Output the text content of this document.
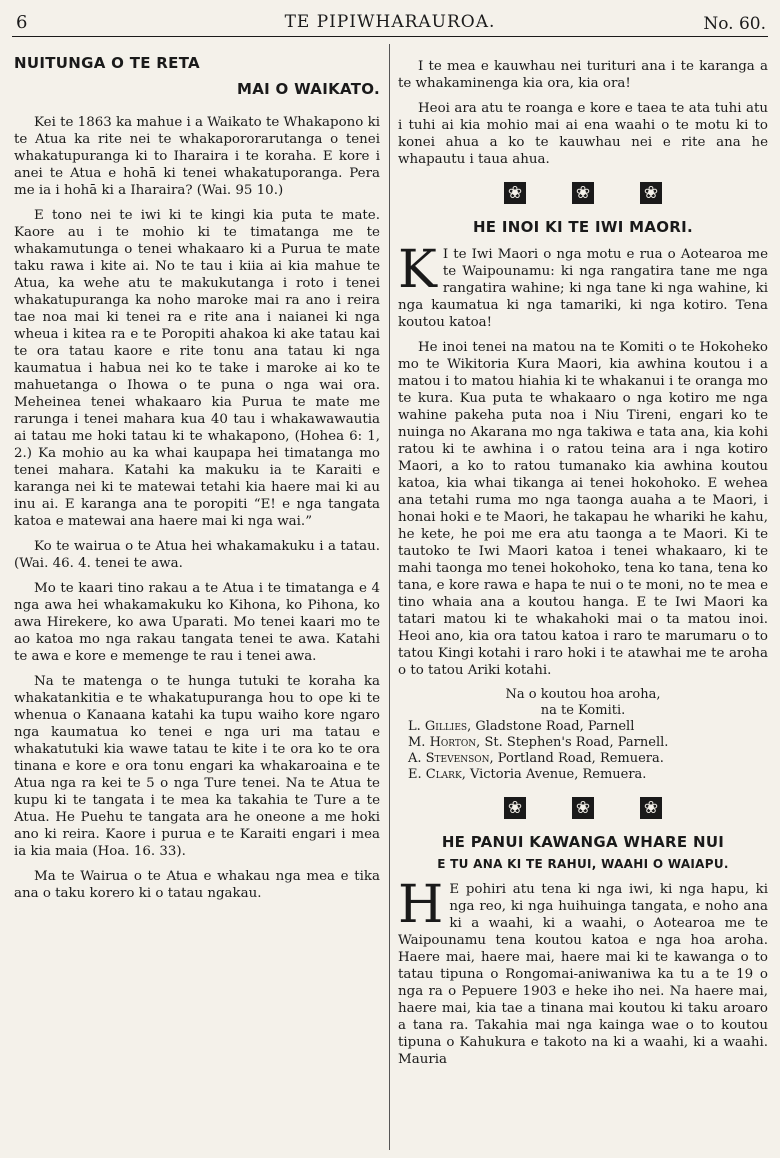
6	TE PIPIWHARAUROA.	No. 60.
NUITUNGA O TE RETA
MAI O WAIKATO.

Kei te 1863 ka mahue i a Waikato te Whakapono ki te Atua ka rite nei te whakapororarutanga o tenei whakatupuranga ki to Iharaira i te koraha. E kore i anei te Atua e hohā ki tenei whakatuporanga. Pera me ia i hohā ki a Iharaira? (Wai. 95 10.)

E tono nei te iwi ki te kingi kia puta te mate. Kaore au i te mohio ki te timatanga me te whakamutunga o tenei whakaaro ki a Purua te mate taku rawa i kite ai. No te tau i kiia ai kia mahue te Atua, ka wehe atu te makukutanga i roto i tenei whakatupuranga ka noho maroke mai ra ano i reira tae noa mai ki tenei ra e rite ana i naianei ki nga wheua i kitea ra e te Poropiti ahakoa ki ake tatau kai te ora tatau kaore e rite tonu ana tatau ki nga kaumatua i habua nei ko te take i maroke ai ko te mahuetanga o Ihowa o te puna o nga wai ora. Meheinea tenei whakaaro kia Purua te mate me rarunga i tenei mahara kua 40 tau i whakawawautia ai tatau me hoki tatau ki te whakapono, (Hohea 6: 1, 2.) Ka mohio au ka whai kaupapa hei timatanga mo tenei mahara. Katahi ka makuku ia te Karaiti e karanga nei ki te matewai tetahi kia haere mai ki au inu ai. E karanga ana te poropiti “E! e nga tangata katoa e matewai ana haere mai ki nga wai.”

Ko te wairua o te Atua hei whakamakuku i a tatau. (Wai. 46. 4. tenei te awa.

Mo te kaari tino rakau a te Atua i te timatanga e 4 nga awa hei whakamakuku ko Kihona, ko Pihona, ko awa Hirekere, ko awa Uparati. Mo tenei kaari mo te ao katoa mo nga rakau tangata tenei te awa. Katahi te awa e kore e memenge te rau i tenei awa.

Na te matenga o te hunga tutuki te koraha ka whakatankitia e te whakatupuranga hou to ope ki te whenua o Kanaana katahi ka tupu waiho kore ngaro nga kaumatua ko tenei e nga uri ma tatau e whakatutuki kia wawe tatau te kite i te ora ko te ora tinana e kore e ora tonu engari ka whakaroaina e te Atua nga ra kei te 5 o nga Ture tenei. Na te Atua te kupu ki te tangata i te mea ka takahia te Ture a te Atua. He Puehu te tangata ara he oneone a me hoki ano ki reira. Kaore i purua e te Karaiti engari i mea ia kia maia (Hoa. 16. 33).

Ma te Wairua o te Atua e whakau nga mea e tika ana o taku korero ki o tatau ngakau.

I te mea e kauwhau nei turituri ana i te karanga a te whakaminenga kia ora, kia ora!

Heoi ara atu te roanga e kore e taea te ata tuhi atu i tuhi ai kia mohio mai ai ena waahi o te motu ki to konei ahua a ko te kauwhau nei e rite ana he whapautu i taua ahua.

❀
❀
❀
HE INOI KI TE IWI MAORI.

K I te Iwi Maori o nga motu e rua o Aotearoa me te Waipounamu: ki nga rangatira tane me nga rangatira wahine; ki nga tane ki nga wahine, ki nga kaumatua ki nga tamariki, ki nga kotiro. Tena koutou katoa!

He inoi tenei na matou na te Komiti o te Hokoheko mo te Wikitoria Kura Maori, kia awhina koutou i a matou i to matou hiahia ki te whakanui i te oranga mo te kura. Kua puta te whakaaro o nga kotiro me nga wahine pakeha puta noa i Niu Tireni, engari ko te nuinga no Akarana mo nga takiwa e tata ana, kia kohi ratou ki te awhina i o ratou teina ara i nga kotiro Maori, a ko to ratou tumanako kia awhina koutou katoa, kia whai tikanga ai tenei hokohoko. E wehea ana tetahi ruma mo nga taonga auaha a te Maori, i honai hoki e te Maori, he takapau he whariki he kahu, he kete, he poi me era atu taonga a te Maori. Ki te tautoko te Iwi Maori katoa i tenei whakaaro, ki te mahi taonga mo tenei hokohoko, tena ko tana, tena ko tana, e kore rawa e hapa te nui o te moni, no te mea e tino whaia ana a koutou hanga. E te Iwi Maori ka tatari matou ki te whakahoki mai o ta matou inoi. Heoi ano, kia ora tatou katoa i raro te marumaru o to tatou Kingi kotahi i raro hoki i te atawhai me te aroha o to tatou Ariki kotahi.

Na o koutou hoa aroha,
na te Komiti.
L. Gillies, Gladstone Road, Parnell
M. Horton, St. Stephen's Road, Parnell.
A. Stevenson, Portland Road, Remuera.
E. Clark, Victoria Avenue, Remuera.
❀
❀
❀
HE PANUI KAWANGA WHARE NUI
E TU ANA KI TE RAHUI, WAAHI O WAIAPU.

H E pohiri atu tena ki nga iwi, ki nga hapu, ki nga reo, ki nga huihuinga tangata, e noho ana ki a waahi, ki a waahi, o Aotearoa me te Waipounamu tena koutou katoa e nga hoa aroha. Haere mai, haere mai, haere mai ki te kawanga o to tatau tipuna o Rongomai-aniwaniwa ka tu a te 19 o nga ra o Pepuere 1903 e heke iho nei. Na haere mai, haere mai, kia tae a tinana mai koutou ki taku aroaro a tana ra. Takahia mai nga kainga wae o to koutou tipuna o Kahukura e takoto na ki a waahi, ki a waahi. Mauria
